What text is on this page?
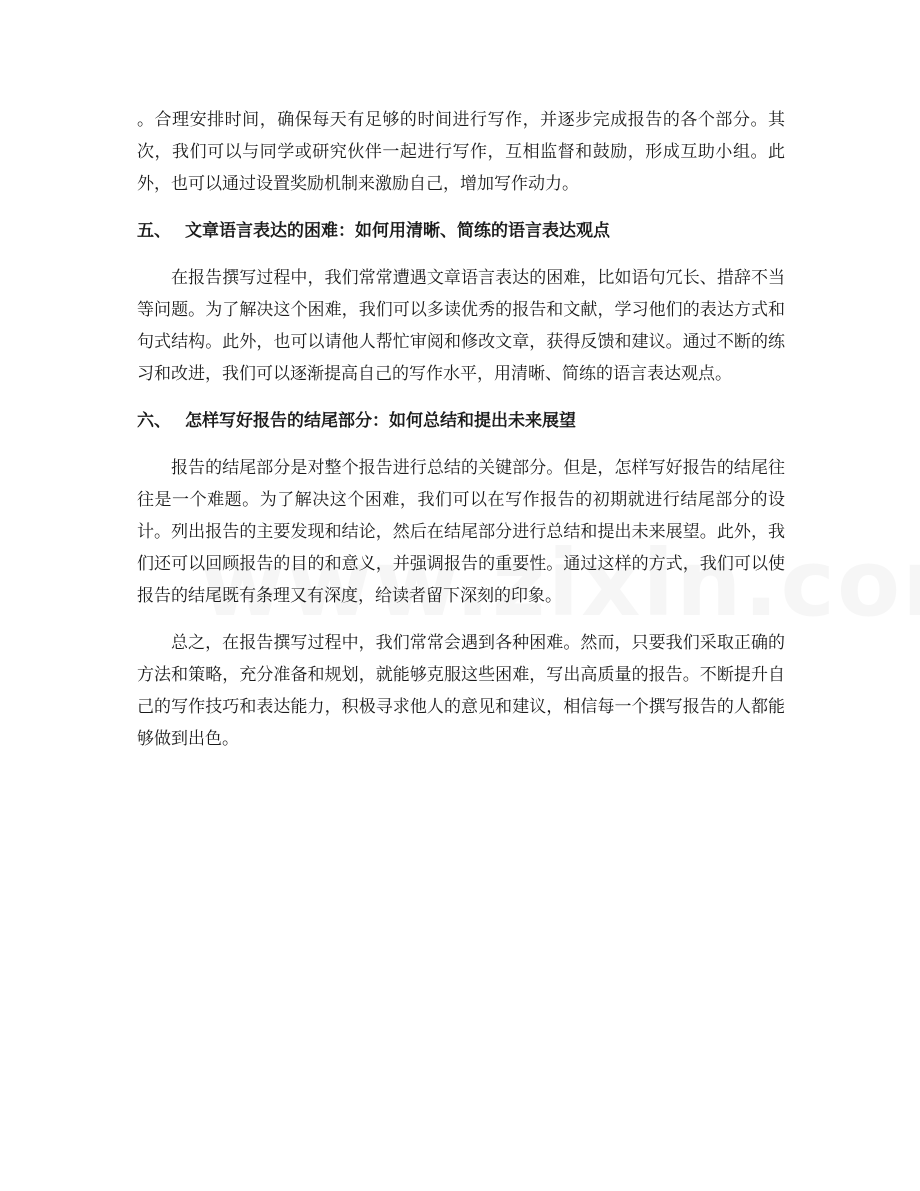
。合理安排时间，确保每天有足够的时间进行写作，并逐步完成报告的各个部分。其次，我们可以与同学或研究伙伴一起进行写作，互相监督和鼓励，形成互助小组。此外，也可以通过设置奖励机制来激励自己，增加写作动力。

五、 文章语言表达的困难：如何用清晰、简练的语言表达观点

在报告撰写过程中，我们常常遭遇文章语言表达的困难，比如语句冗长、措辞不当等问题。为了解决这个困难，我们可以多读优秀的报告和文献，学习他们的表达方式和句式结构。此外，也可以请他人帮忙审阅和修改文章，获得反馈和建议。通过不断的练习和改进，我们可以逐渐提高自己的写作水平，用清晰、简练的语言表达观点。

六、 怎样写好报告的结尾部分：如何总结和提出未来展望

报告的结尾部分是对整个报告进行总结的关键部分。但是，怎样写好报告的结尾往往是一个难题。为了解决这个困难，我们可以在写作报告的初期就进行结尾部分的设计。列出报告的主要发现和结论，然后在结尾部分进行总结和提出未来展望。此外，我们还可以回顾报告的目的和意义，并强调报告的重要性。通过这样的方式，我们可以使报告的结尾既有条理又有深度，给读者留下深刻的印象。

总之，在报告撰写过程中，我们常常会遇到各种困难。然而，只要我们采取正确的方法和策略，充分准备和规划，就能够克服这些困难，写出高质量的报告。不断提升自己的写作技巧和表达能力，积极寻求他人的意见和建议，相信每一个撰写报告的人都能够做到出色。
